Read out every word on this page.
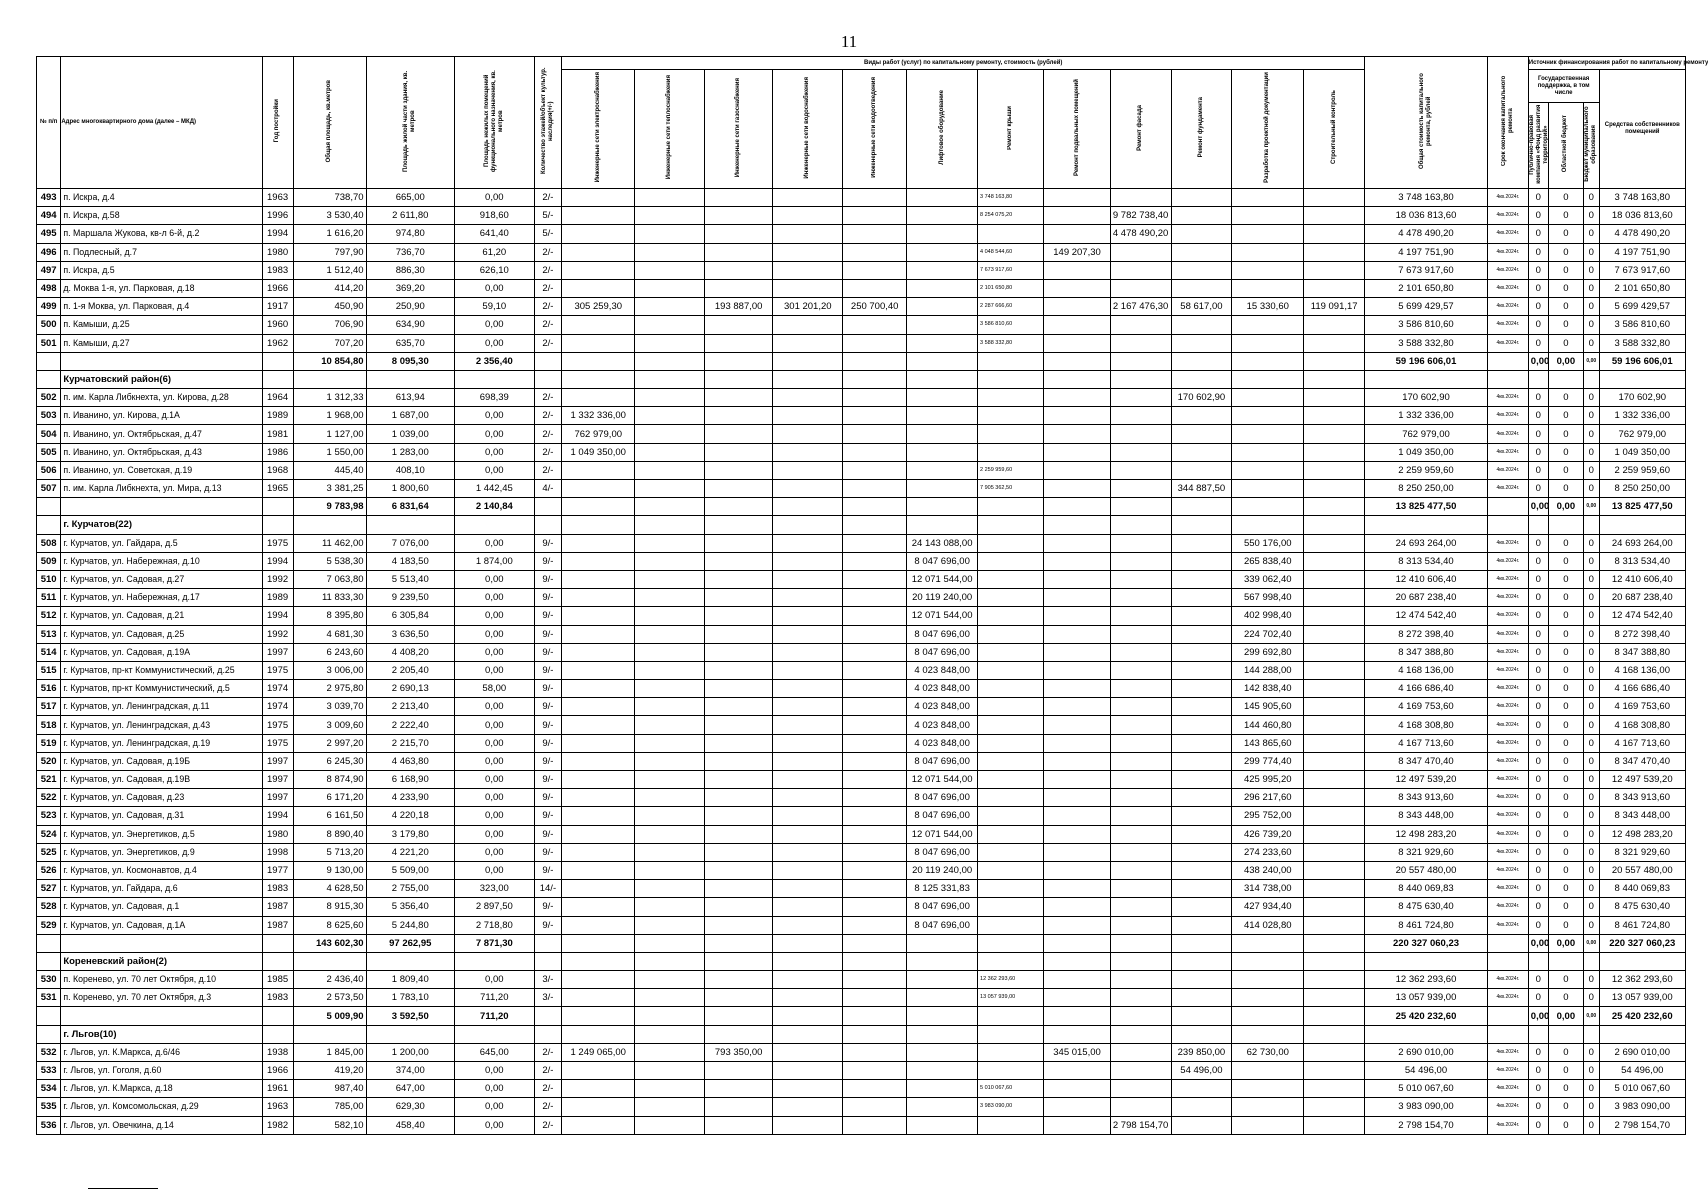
11
№ п/п	Адрес многоквартирного дома (далее – МКД)	Год постройки	Общая площадь, кв.метров	Площадь жилой части здания, кв. метров	Площадь нежилых помещений функционального назначения, кв. метров	Количество этажей/объект культур. наследия(+/-)	Виды работ (услуг) по капитальному ремонту, стоимость (рублей)												Общая стоимость капитального ремонта, рублей	Срок окончания капитального ремонта	Источник финансирования работ по капитальному ремонту			
							Инженерные сети электроснабжения	Инженерные сети теплоснабжения	Инженерные сети газоснабжения	Инженерные сети водоснабжения	Инженерные сети водоотведения	Лифтовое оборудование	Ремонт крыши	Ремонт подвальных помещений	Ремонт фасада	Ремонт фундамента	Разработка проектной документации	Строительный контроль			Государственная поддержка, в том числе			Средства собственников помещений
																					Публично-правовая компания «Фонд развития территорий»	Областной бюджет	Бюджет муниципального образования	
493	п. Искра, д.4	1963	738,70	665,00	0,00	2/-							3 748 163,80						3 748 163,80	4кв.2024г.	0	0	0	3 748 163,80
494	п. Искра, д.58	1996	3 530,40	2 611,80	918,60	5/-							8 254 075,20		9 782 738,40				18 036 813,60	4кв.2024г.	0	0	0	18 036 813,60
495	п. Маршала Жукова, кв-л 6-й, д.2	1994	1 616,20	974,80	641,40	5/-									4 478 490,20				4 478 490,20	4кв.2024г.	0	0	0	4 478 490,20
496	п. Подлесный, д.7	1980	797,90	736,70	61,20	2/-							4 048 544,60	149 207,30					4 197 751,90	4кв.2024г.	0	0	0	4 197 751,90
497	п. Искра, д.5	1983	1 512,40	886,30	626,10	2/-							7 673 917,60						7 673 917,60	4кв.2024г.	0	0	0	7 673 917,60
498	д. Моква 1-я, ул. Парковая, д.18	1966	414,20	369,20	0,00	2/-							2 101 650,80						2 101 650,80	4кв.2024г.	0	0	0	2 101 650,80
499	п. 1-я Моква, ул. Парковая, д.4	1917	450,90	250,90	59,10	2/-	305 259,30		193 887,00	301 201,20	250 700,40		2 287 666,60		2 167 476,30	58 617,00	15 330,60	119 091,17	5 699 429,57	4кв.2024г.	0	0	0	5 699 429,57
500	п. Камыши, д.25	1960	706,90	634,90	0,00	2/-							3 586 810,60						3 586 810,60	4кв.2024г.	0	0	0	3 586 810,60
501	п. Камыши, д.27	1962	707,20	635,70	0,00	2/-							3 588 332,80						3 588 332,80	4кв.2024г.	0	0	0	3 588 332,80
			10 854,80	8 095,30	2 356,40														59 196 606,01		0,00	0,00	0,00	59 196 606,01
	Курчатовский район(6)																							
502	п. им. Карла Либкнехта, ул. Кирова, д.28	1964	1 312,33	613,94	698,39	2/-										170 602,90			170 602,90	4кв.2024г.	0	0	0	170 602,90
503	п. Иванино, ул. Кирова, д.1А	1989	1 968,00	1 687,00	0,00	2/-	1 332 336,00												1 332 336,00	4кв.2024г.	0	0	0	1 332 336,00
504	п. Иванино, ул. Октябрьская, д.47	1981	1 127,00	1 039,00	0,00	2/-	762 979,00												762 979,00	4кв.2024г.	0	0	0	762 979,00
505	п. Иванино, ул. Октябрьская, д.43	1986	1 550,00	1 283,00	0,00	2/-	1 049 350,00												1 049 350,00	4кв.2024г.	0	0	0	1 049 350,00
506	п. Иванино, ул. Советская, д.19	1968	445,40	408,10	0,00	2/-							2 259 959,60						2 259 959,60	4кв.2024г.	0	0	0	2 259 959,60
507	п. им. Карла Либкнехта, ул. Мира, д.13	1965	3 381,25	1 800,60	1 442,45	4/-							7 905 362,50			344 887,50			8 250 250,00	4кв.2024г.	0	0	0	8 250 250,00
			9 783,98	6 831,64	2 140,84														13 825 477,50		0,00	0,00	0,00	13 825 477,50
	г. Курчатов(22)																							
508	г. Курчатов, ул. Гайдара, д.5	1975	11 462,00	7 076,00	0,00	9/-						24 143 088,00					550 176,00		24 693 264,00	4кв.2024г.	0	0	0	24 693 264,00
509	г. Курчатов, ул. Набережная, д.10	1994	5 538,30	4 183,50	1 874,00	9/-						8 047 696,00					265 838,40		8 313 534,40	4кв.2024г.	0	0	0	8 313 534,40
510	г. Курчатов, ул. Садовая, д.27	1992	7 063,80	5 513,40	0,00	9/-						12 071 544,00					339 062,40		12 410 606,40	4кв.2024г.	0	0	0	12 410 606,40
511	г. Курчатов, ул. Набережная, д.17	1989	11 833,30	9 239,50	0,00	9/-						20 119 240,00					567 998,40		20 687 238,40	4кв.2024г.	0	0	0	20 687 238,40
512	г. Курчатов, ул. Садовая, д.21	1994	8 395,80	6 305,84	0,00	9/-						12 071 544,00					402 998,40		12 474 542,40	4кв.2024г.	0	0	0	12 474 542,40
513	г. Курчатов, ул. Садовая, д.25	1992	4 681,30	3 636,50	0,00	9/-						8 047 696,00					224 702,40		8 272 398,40	4кв.2024г.	0	0	0	8 272 398,40
514	г. Курчатов, ул. Садовая, д.19А	1997	6 243,60	4 408,20	0,00	9/-						8 047 696,00					299 692,80		8 347 388,80	4кв.2024г.	0	0	0	8 347 388,80
515	г. Курчатов, пр-кт Коммунистический, д.25	1975	3 006,00	2 205,40	0,00	9/-						4 023 848,00					144 288,00		4 168 136,00	4кв.2024г.	0	0	0	4 168 136,00
516	г. Курчатов, пр-кт Коммунистический, д.5	1974	2 975,80	2 690,13	58,00	9/-						4 023 848,00					142 838,40		4 166 686,40	4кв.2024г.	0	0	0	4 166 686,40
517	г. Курчатов, ул. Ленинградская, д.11	1974	3 039,70	2 213,40	0,00	9/-						4 023 848,00					145 905,60		4 169 753,60	4кв.2024г.	0	0	0	4 169 753,60
518	г. Курчатов, ул. Ленинградская, д.43	1975	3 009,60	2 222,40	0,00	9/-						4 023 848,00					144 460,80		4 168 308,80	4кв.2024г.	0	0	0	4 168 308,80
519	г. Курчатов, ул. Ленинградская, д.19	1975	2 997,20	2 215,70	0,00	9/-						4 023 848,00					143 865,60		4 167 713,60	4кв.2024г.	0	0	0	4 167 713,60
520	г. Курчатов, ул. Садовая, д.19Б	1997	6 245,30	4 463,80	0,00	9/-						8 047 696,00					299 774,40		8 347 470,40	4кв.2024г.	0	0	0	8 347 470,40
521	г. Курчатов, ул. Садовая, д.19В	1997	8 874,90	6 168,90	0,00	9/-						12 071 544,00					425 995,20		12 497 539,20	4кв.2024г.	0	0	0	12 497 539,20
522	г. Курчатов, ул. Садовая, д.23	1997	6 171,20	4 233,90	0,00	9/-						8 047 696,00					296 217,60		8 343 913,60	4кв.2024г.	0	0	0	8 343 913,60
523	г. Курчатов, ул. Садовая, д.31	1994	6 161,50	4 220,18	0,00	9/-						8 047 696,00					295 752,00		8 343 448,00	4кв.2024г.	0	0	0	8 343 448,00
524	г. Курчатов, ул. Энергетиков, д.5	1980	8 890,40	3 179,80	0,00	9/-						12 071 544,00					426 739,20		12 498 283,20	4кв.2024г.	0	0	0	12 498 283,20
525	г. Курчатов, ул. Энергетиков, д.9	1998	5 713,20	4 221,20	0,00	9/-						8 047 696,00					274 233,60		8 321 929,60	4кв.2024г.	0	0	0	8 321 929,60
526	г. Курчатов, ул. Космонавтов, д.4	1977	9 130,00	5 509,00	0,00	9/-						20 119 240,00					438 240,00		20 557 480,00	4кв.2024г.	0	0	0	20 557 480,00
527	г. Курчатов, ул. Гайдара, д.6	1983	4 628,50	2 755,00	323,00	14/-						8 125 331,83					314 738,00		8 440 069,83	4кв.2024г.	0	0	0	8 440 069,83
528	г. Курчатов, ул. Садовая, д.1	1987	8 915,30	5 356,40	2 897,50	9/-						8 047 696,00					427 934,40		8 475 630,40	4кв.2024г.	0	0	0	8 475 630,40
529	г. Курчатов, ул. Садовая, д.1А	1987	8 625,60	5 244,80	2 718,80	9/-						8 047 696,00					414 028,80		8 461 724,80	4кв.2024г.	0	0	0	8 461 724,80
			143 602,30	97 262,95	7 871,30														220 327 060,23		0,00	0,00	0,00	220 327 060,23
	Кореневский район(2)																							
530	п. Коренево, ул. 70 лет Октября, д.10	1985	2 436,40	1 809,40	0,00	3/-							12 362 293,60						12 362 293,60	4кв.2024г.	0	0	0	12 362 293,60
531	п. Коренево, ул. 70 лет Октября, д.3	1983	2 573,50	1 783,10	711,20	3/-							13 057 939,00						13 057 939,00	4кв.2024г.	0	0	0	13 057 939,00
			5 009,90	3 592,50	711,20														25 420 232,60		0,00	0,00	0,00	25 420 232,60
	г. Льгов(10)																							
532	г. Льгов, ул. К.Маркса, д.6/46	1938	1 845,00	1 200,00	645,00	2/-	1 249 065,00		793 350,00					345 015,00		239 850,00	62 730,00		2 690 010,00	4кв.2024г.	0	0	0	2 690 010,00
533	г. Льгов, ул. Гоголя, д.60	1966	419,20	374,00	0,00	2/-										54 496,00			54 496,00	4кв.2024г.	0	0	0	54 496,00
534	г. Льгов, ул. К.Маркса, д.18	1961	987,40	647,00	0,00	2/-							5 010 067,60						5 010 067,60	4кв.2024г.	0	0	0	5 010 067,60
535	г. Льгов, ул. Комсомольская, д.29	1963	785,00	629,30	0,00	2/-							3 983 090,00						3 983 090,00	4кв.2024г.	0	0	0	3 983 090,00
536	г. Льгов, ул. Овечкина, д.14	1982	582,10	458,40	0,00	2/-									2 798 154,70				2 798 154,70	4кв.2024г.	0	0	0	2 798 154,70
